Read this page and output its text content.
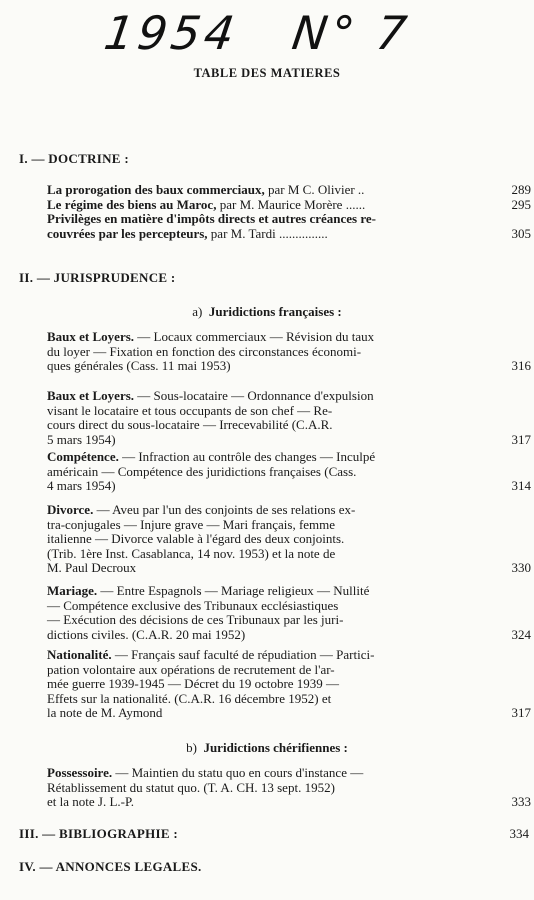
1954 N° 7
TABLE DES MATIERES
I. — DOCTRINE :
La prorogation des baux commerciaux, par M C. Olivier ..	289
Le régime des biens au Maroc, par M. Maurice Morère ......	295
Privilèges en matière d'impôts directs et autres créances re-
couvrées par les percepteurs, par M. Tardi ...............	305
II. — JURISPRUDENCE :
a) Juridictions françaises :
Baux et Loyers. — Locaux commerciaux — Révision du taux
du loyer — Fixation en fonction des circonstances économi-
ques générales (Cass. 11 mai 1953)	316
Baux et Loyers. — Sous-locataire — Ordonnance d'expulsion
visant le locataire et tous occupants de son chef — Re-
cours direct du sous-locataire — Irrecevabilité (C.A.R.
5 mars 1954)	317
Compétence. — Infraction au contrôle des changes — Inculpé
américain — Compétence des juridictions françaises (Cass.
4 mars 1954)	314
Divorce. — Aveu par l'un des conjoints de ses relations ex-
tra-conjugales — Injure grave — Mari français, femme
italienne — Divorce valable à l'égard des deux conjoints.
(Trib. 1ère Inst. Casablanca, 14 nov. 1953) et la note de
M. Paul Decroux	330
Mariage. — Entre Espagnols — Mariage religieux — Nullité
— Compétence exclusive des Tribunaux ecclésiastiques
— Exécution des décisions de ces Tribunaux par les juri-
dictions civiles. (C.A.R. 20 mai 1952)	324
Nationalité. — Français sauf faculté de répudiation — Partici-
pation volontaire aux opérations de recrutement de l'ar-
mée guerre 1939-1945 — Décret du 19 octobre 1939 —
Effets sur la nationalité. (C.A.R. 16 décembre 1952) et
la note de M. Aymond	317
b) Juridictions chérifiennes :
Possessoire. — Maintien du statu quo en cours d'instance —
Rétablissement du statut quo. (T. A. CH. 13 sept. 1952)
et la note J. L.-P.	333
III. — BIBLIOGRAPHIE :	334
IV. — ANNONCES LEGALES.
